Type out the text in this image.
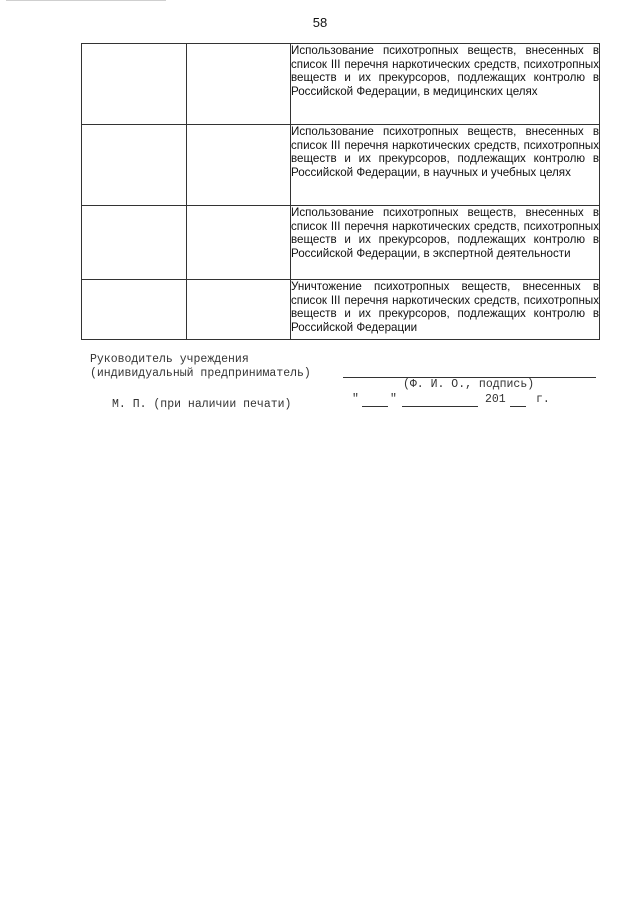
58
		Использование психотропных веществ, внесенных в список III перечня наркотических средств, психотропных веществ и их прекурсоров, подлежащих контролю в Российской Федерации, в медицинских целях
		Использование психотропных веществ, внесенных в список III перечня наркотических средств, психотропных веществ и их прекурсоров, подлежащих контролю в Российской Федерации, в научных и учебных целях
		Использование психотропных веществ, внесенных в список III перечня наркотических средств, психотропных веществ и их прекурсоров, подлежащих контролю в Российской Федерации, в экспертной деятельности
		Уничтожение психотропных веществ, внесенных в список III перечня наркотических средств, психотропных веществ и их прекурсоров, подлежащих контролю в Российской Федерации
Руководитель учреждения
(индивидуальный предприниматель)
(Ф. И. О., подпись)
М. П. (при наличии печати)	"	"	201	г.
